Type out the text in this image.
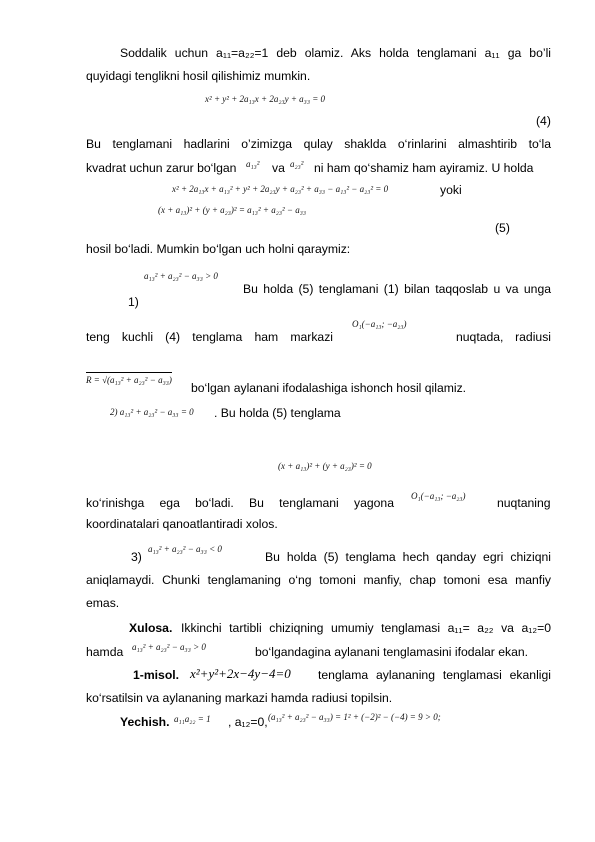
Soddalik uchun a₁₁=a₂₂=1 deb olamiz. Aks holda tenglamani a₁₁ ga bo’li
quyidagi tenglikni hosil qilishimiz mumkin.
x² + y² + 2a₁₃x + 2a₂₃y + a₃₃ = 0
(4)
Bu tenglamani hadlarini o’zimizga qulay shaklda o‘rinlarini almashtirib to‘la
kvadrat uchun zarur bo‘lgan a₁₃² va a₂₃² ni ham qo‘shamiz ham ayiramiz. U holda
x² + 2a₁₃x + a₁₃² + y² + 2a₂₃y + a₂₃² + a₃₃ − a₁₃² − a₂₃² = 0	yoki
(x + a₁₃)² + (y + a₂₃)² = a₁₃² + a₂₃² − a₃₃
(5)
hosil bo‘ladi. Mumkin bo‘lgan uch holni qaraymiz:
a₁₃² + a₂₃² − a₃₃ > 0
1)
Bu holda (5) tenglamani (1) bilan taqqoslab u va unga
teng kuchli (4) tenglama ham markazi
O₁(−a₁₃; −a₂₃)
nuqtada, radiusi
R = √(a₁₃² + a₂₃² − a₃₃)
bo‘lgan aylanani ifodalashiga ishonch hosil qilamiz.
2) a₁₃² + a₂₃² − a₃₃ = 0 . Bu holda (5) tenglama
(x + a₁₃)² + (y + a₂₃)² = 0
ko‘rinishga ega bo‘ladi. Bu tenglamani yagona O₁(−a₁₃; −a₂₃)	nuqtaning
koordinatalari qanoatlantiradi xolos.
3)
a₁₃² + a₂₃² − a₃₃ < 0
Bu holda (5) tenglama hech qanday egri chiziqni
aniqlamaydi. Chunki tenglamaning o‘ng tomoni manfiy, chap tomoni esa manfiy
emas.
Xulosa. Ikkinchi tartibli chiziqning umumiy tenglamasi a₁₁= a₂₂ va a₁₂=0
hamda a₁₃² + a₂₃² − a₃₃ > 0	bo‘lgandagina aylanani tenglamasini ifodalar ekan.
1-misol. x²+y²+2x−4y−4=0 tenglama aylananing tenglamasi ekanligi
ko‘rsatilsin va aylananing markazi hamda radiusi topilsin.
Yechish. a₁₁a₂₂ = 1 , a₁₂=0, (a₁₃² + a₂₃² − a₃₃) = 1² + (−2)² − (−4) = 9 > 0;
